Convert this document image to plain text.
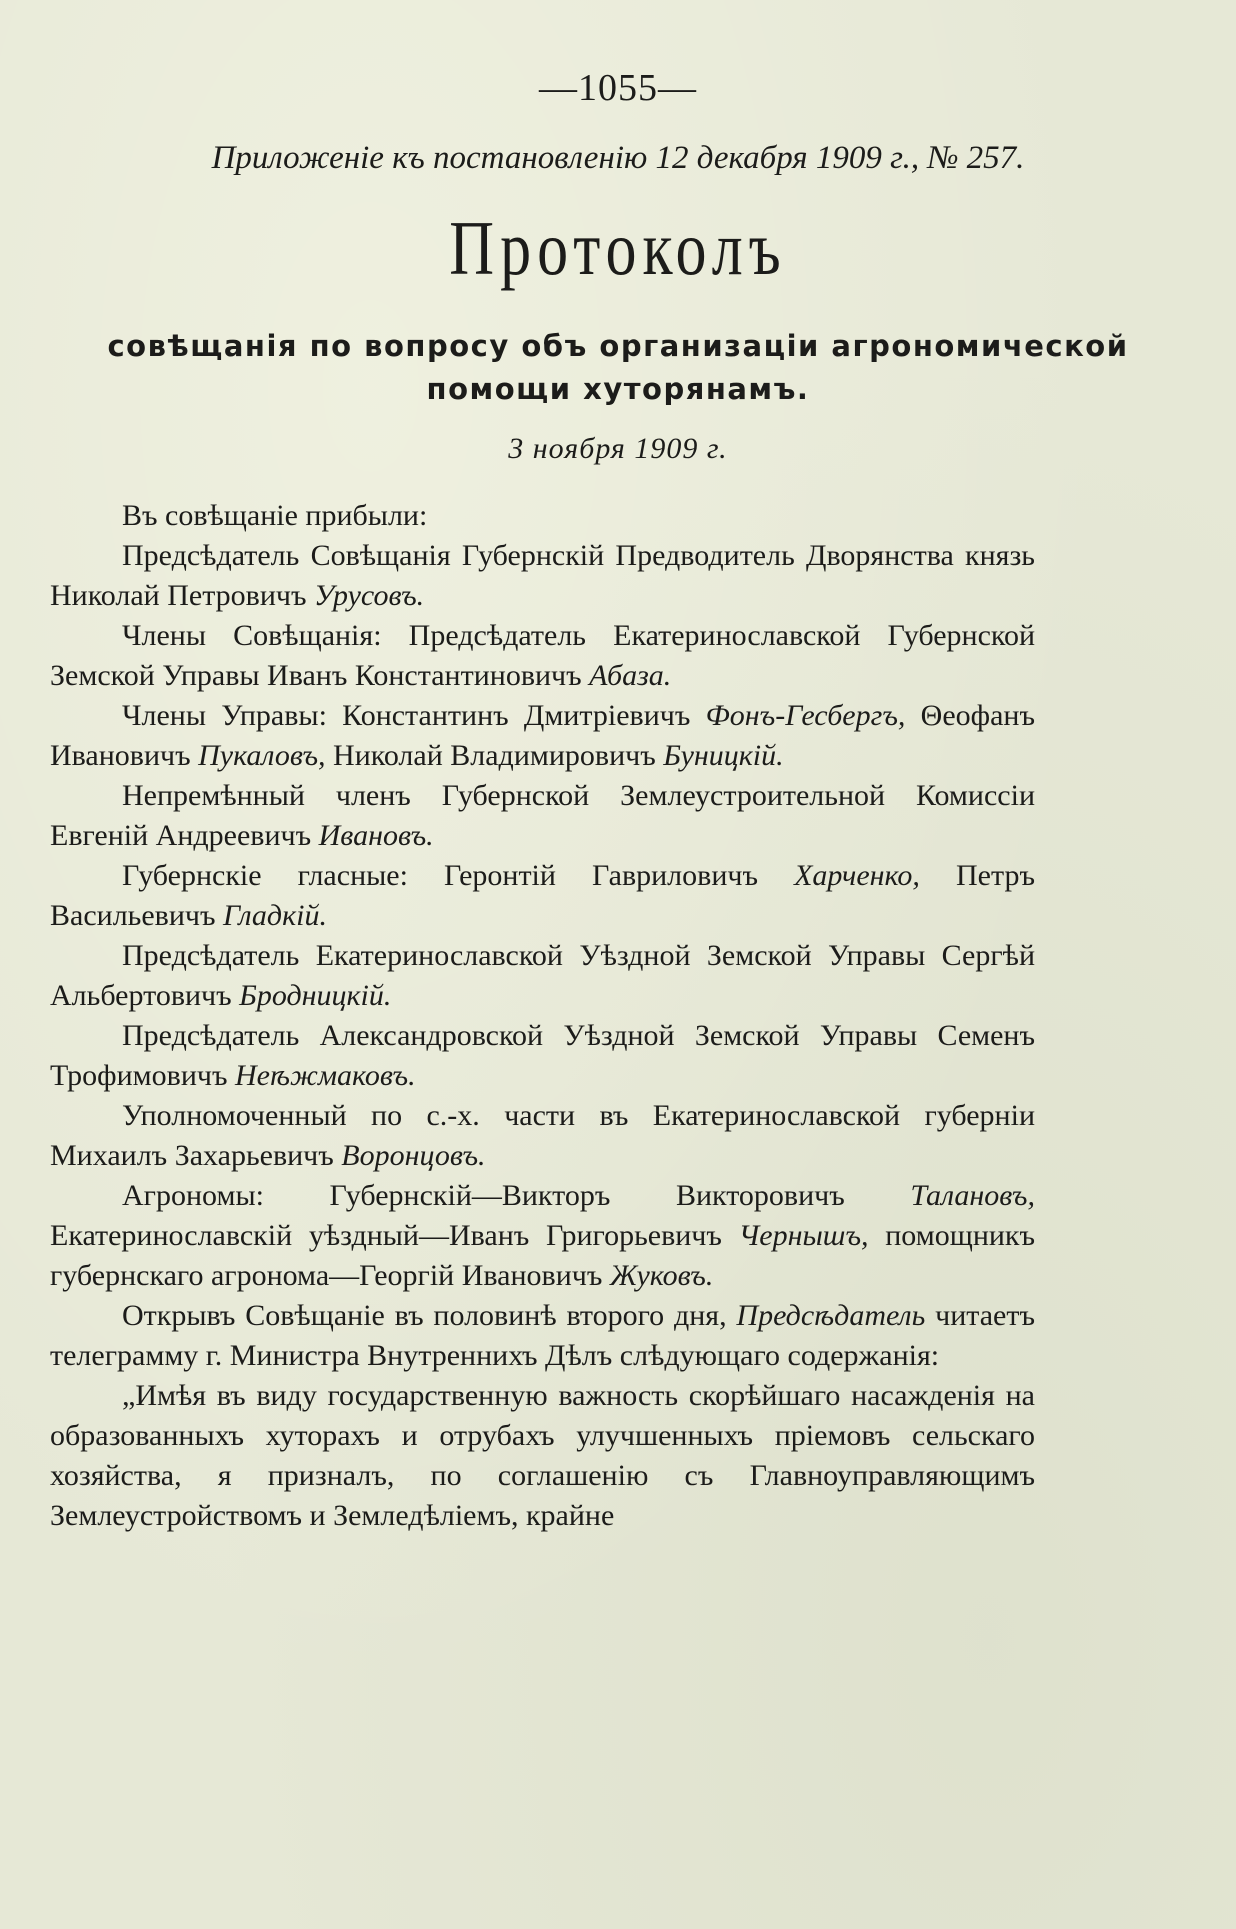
—1055—
Приложеніе къ постановленію 12 декабря 1909 г., № 257.
Протоколъ
совѣщанія по вопросу объ организаціи агрономической
помощи хуторянамъ.
3 ноября 1909 г.

Въ совѣщаніе прибыли:

Предсѣдатель Совѣщанія Губернскій Предводитель Дворянства князь Николай Петровичъ Урусовъ.

Члены Совѣщанія: Предсѣдатель Екатеринославской Губернской Земской Управы Иванъ Константиновичъ Абаза.

Члены Управы: Константинъ Дмитріевичъ Фонъ-Гесбергъ, Θеофанъ Ивановичъ Пукаловъ, Николай Владимировичъ Буницкій.

Непремѣнный членъ Губернской Землеустроительной Комиссіи Евгеній Андреевичъ Ивановъ.

Губернскіе гласные: Геронтій Гавриловичъ Харченко, Петръ Васильевичъ Гладкій.

Предсѣдатель Екатеринославской Уѣздной Земской Управы Сергѣй Альбертовичъ Бродницкій.

Предсѣдатель Александровской Уѣздной Земской Управы Семенъ Трофимовичъ Неѣжмаковъ.

Уполномоченный по с.-х. части въ Екатеринославской губерніи Михаилъ Захарьевичъ Воронцовъ.

Агрономы: Губернскій—Викторъ Викторовичъ Талановъ, Екатеринославскій уѣздный—Иванъ Григорьевичъ Чернышъ, помощникъ губернскаго агронома—Георгій Ивановичъ Жуковъ.

Открывъ Совѣщаніе въ половинѣ второго дня, Предсѣдатель читаетъ телеграмму г. Министра Внутреннихъ Дѣлъ слѣдующаго содержанія:

„Имѣя въ виду государственную важность скорѣйшаго насажденія на образованныхъ хуторахъ и отрубахъ улучшенныхъ пріемовъ сельскаго хозяйства, я призналъ, по соглашенію съ Главноуправляющимъ Землеустройствомъ и Земледѣліемъ, крайне
